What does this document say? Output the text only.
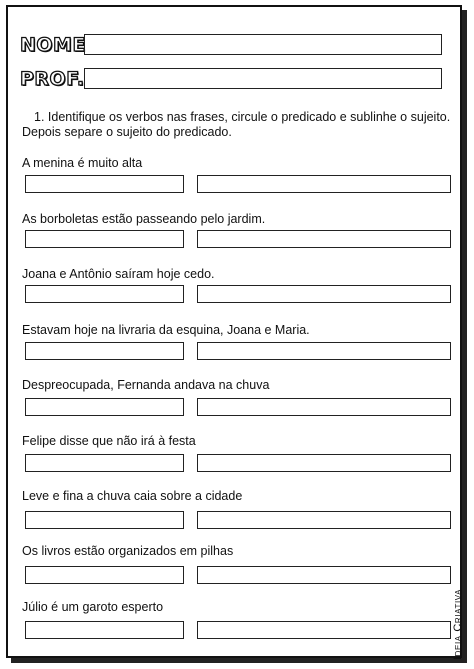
NOME
PROF.
1. Identifique os verbos nas frases, circule o predicado e sublinhe o sujeito. Depois separe o sujeito do predicado.
A menina é muito alta
As borboletas estão passeando pelo jardim.
Joana e Antônio saíram hoje cedo.
Estavam hoje na livraria da esquina, Joana e Maria.
Despreocupada, Fernanda andava na chuva
Felipe disse que não irá à festa
Leve e fina a chuva caia sobre a cidade
Os livros estão organizados em pilhas
Júlio é um garoto esperto	Ideia Criativa
